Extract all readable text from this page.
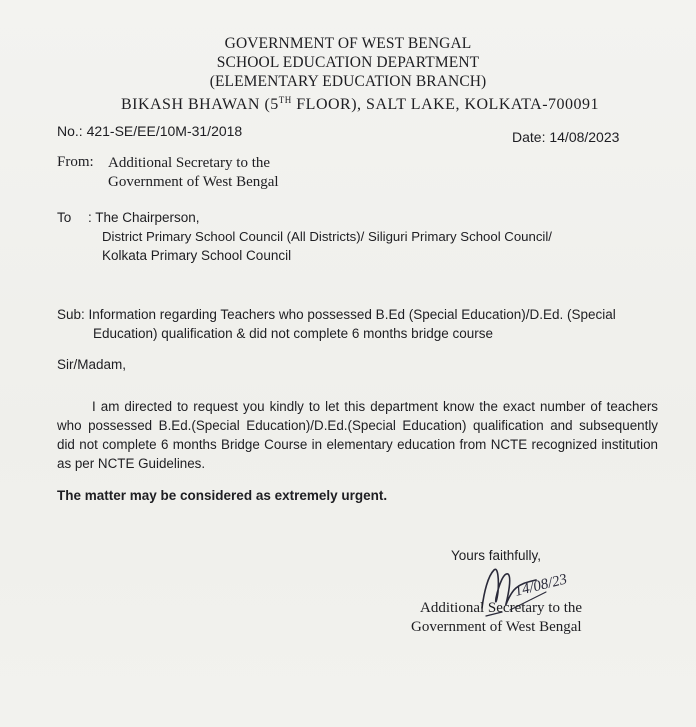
GOVERNMENT OF WEST BENGAL
SCHOOL EDUCATION DEPARTMENT
(ELEMENTARY EDUCATION BRANCH)
BIKASH BHAWAN (5TH FLOOR), SALT LAKE, KOLKATA-700091
No.: 421-SE/EE/10M-31/2018	Date: 14/08/2023
From: Additional Secretary to the
Government of West Bengal
To : The Chairperson,
District Primary School Council (All Districts)/ Siliguri Primary School Council/
Kolkata Primary School Council
Sub: Information regarding Teachers who possessed B.Ed (Special Education)/D.Ed. (Special
Education) qualification & did not complete 6 months bridge course
Sir/Madam,
I am directed to request you kindly to let this department know the exact number of teachers who possessed B.Ed.(Special Education)/D.Ed.(Special Education) qualification and subsequently did not complete 6 months Bridge Course in elementary education from NCTE recognized institution as per NCTE Guidelines.
The matter may be considered as extremely urgent.
Yours faithfully,
14/08/23
Additional Secretary to the
Government of West Bengal
